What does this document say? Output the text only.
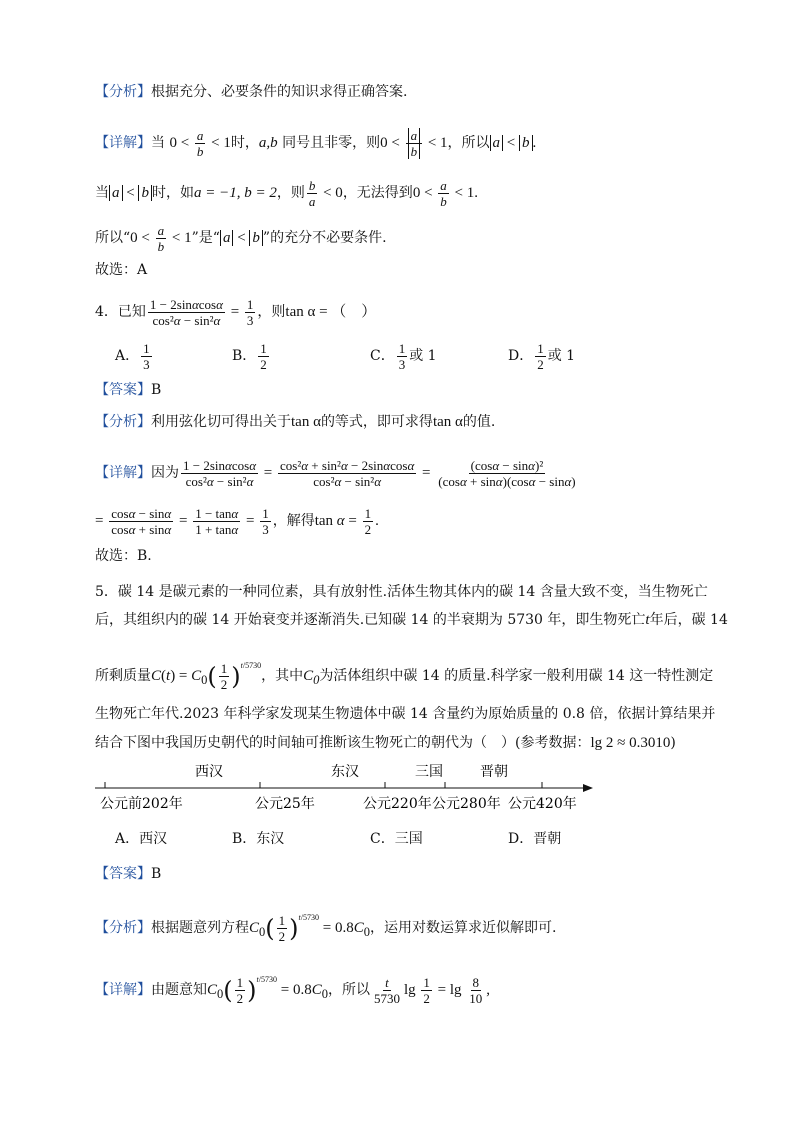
【分析】根据充分、必要条件的知识求得正确答案.
【详解】当 $0 < \frac{a}{b} < 1$时，a,b 同号且非零，则$0 < \frac{a}{b} < 1$，所以 a < b .
当 a < b 时，如a = −1, b = 2，则 $\frac{b}{a} < 0$，无法得到$0 < \frac{a}{b} < 1$.
所以“$0 < \frac{a}{b} < 1$”是“ a < b ”的充分不必要条件.
故选：A
4．已知 $\frac{1 - 2\sin\alpha\cos\alpha}{\text{cos²α − sin²α}} = \frac{1}{3}$ ，则tan α = （　）
A． $\frac{1}{3}$	B． $\frac{1}{2}$	C． $\frac{1}{3}$ 或 1	D． $\frac{1}{2}$ 或 1
【答案】B
【分析】利用弦化切可得出关于tan α的等式，即可求得tan α的值.
【详解】因为 $\frac{1 - 2\sin\alpha\cos\alpha}{\text{cos²α − sin²α}} = \frac{\text{cos²α + sin²α − 2sinαcosα}}{\text{cos²α − sin²α}} = \frac{\text{(cosα − sinα)²}}{(\cos\alpha + \sin\alpha)(\cos\alpha - \sin\alpha)}$
= $\frac{\cos\alpha - \sin\alpha}{\cos\alpha + \sin\alpha} = \frac{1 - \tan\alpha}{1 + \tan\alpha} = \frac{1}{3}$ ，解得$\tan \alpha = \frac{1}{2}$ .
故选：B.
5．碳 14 是碳元素的一种同位素，具有放射性.活体生物其体内的碳 14 含量大致不变，当生物死亡
后，其组织内的碳 14 开始衰变并逐渐消失.已知碳 14 的半衰期为 5730 年，即生物死亡t年后，碳 14
所剩质量$C(t) = C_0( \frac{1}{2} )^{t/5730}$，其中$C_0$为活体组织中碳 14 的质量.科学家一般利用碳 14 这一特性测定
生物死亡年代.2023 年科学家发现某生物遗体中碳 14 含量约为原始质量的 0.8 倍，依据计算结果并
结合下图中我国历史朝代的时间轴可推断该生物死亡的朝代为（　）(参考数据：lg 2 ≈ 0.3010)
西汉	东汉	三国	晋朝
公元前202年	公元25年	公元220年 公元280年 公元420年
A．西汉	B．东汉	C．三国	D．晋朝
【答案】B
【分析】根据题意列方程$C_0( \frac{1}{2} )^{t/5730} = 0.8C_0$，运用对数运算求近似解即可.
【详解】由题意知$C_0( \frac{1}{2} )^{t/5730} = 0.8C_0$，所以 $\frac{t}{5730}$ $\lg \frac{1}{2} = \lg \frac{8}{10}$ ,
